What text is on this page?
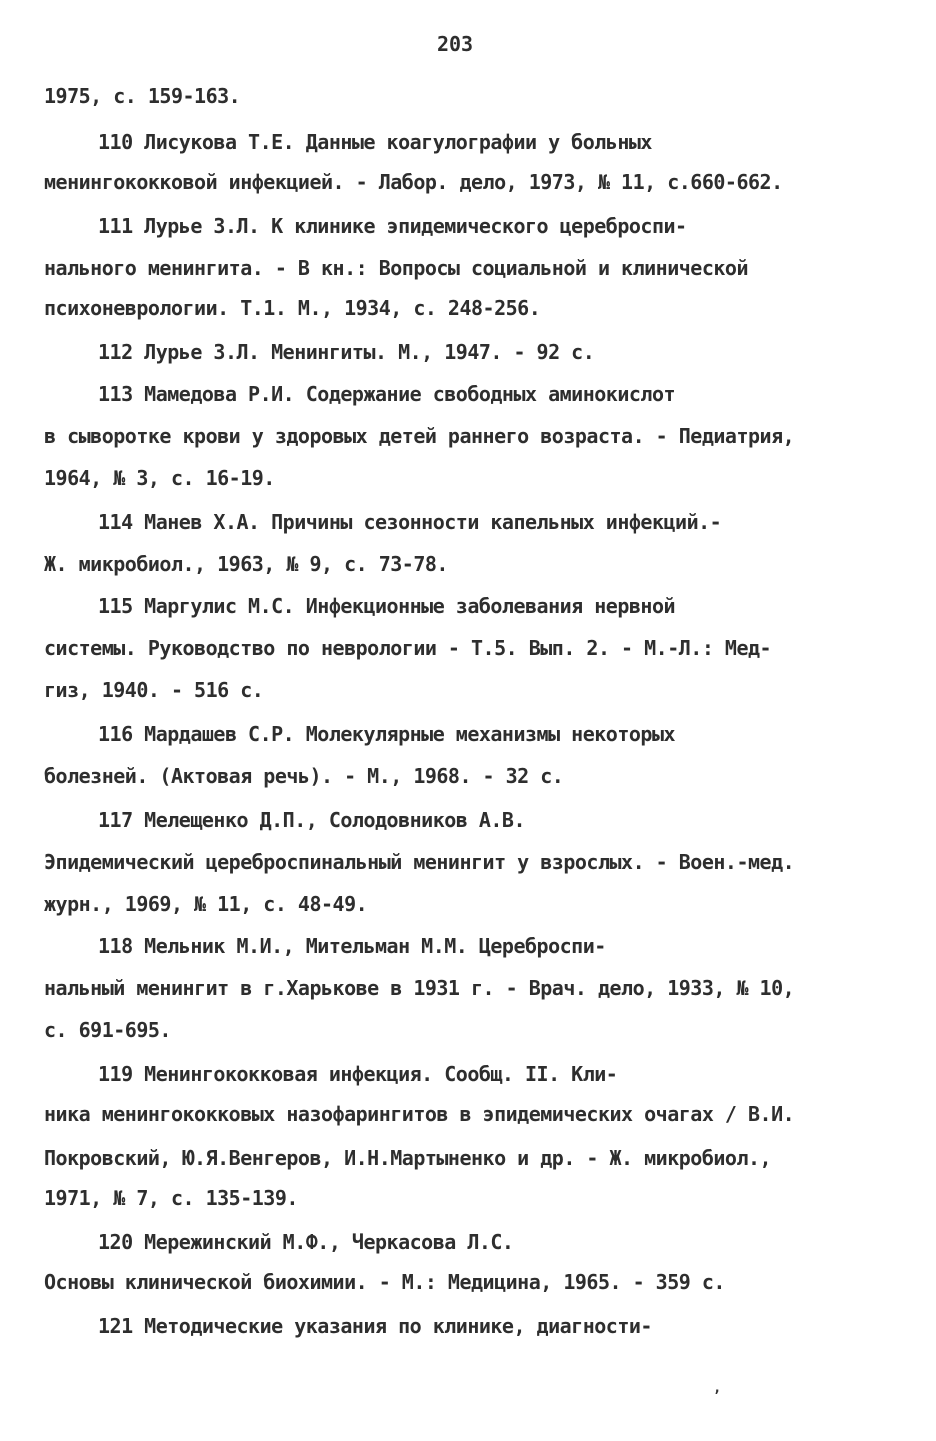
203
1975, с. 159-163.
110 Лисукова Т.Е. Данные коагулографии у больных
менингококковой инфекцией. - Лабор. дело, 1973, № 11, с.660-662.
111 Лурье З.Л. К клинике эпидемического цереброспи-
нального менингита. - В кн.: Вопросы социальной и клинической
психоневрологии. Т.1. М., 1934, с. 248-256.
112 Лурье З.Л. Менингиты. М., 1947. - 92 с.
113 Мамедова Р.И. Содержание свободных аминокислот
в сыворотке крови у здоровых детей раннего возраста. - Педиатрия,
1964, № 3, с. 16-19.
114 Манев Х.А. Причины сезонности капельных инфекций.-
Ж. микробиол., 1963, № 9, с. 73-78.
115 Маргулис М.С. Инфекционные заболевания нервной
системы. Руководство по неврологии - Т.5. Вып. 2. - М.-Л.: Мед-
гиз, 1940. - 516 с.
116 Мардашев С.Р. Молекулярные механизмы некоторых
болезней. (Актовая речь). - М., 1968. - 32 с.
117 Мелещенко Д.П., Солодовников А.В.
Эпидемический цереброспинальный менингит у взрослых. - Воен.-мед.
журн., 1969, № 11, с. 48-49.
118 Мельник М.И., Мительман М.М. Цереброспи-
нальный менингит в г.Харькове в 1931 г. - Врач. дело, 1933, № 10,
с. 691-695.
119 Менингококковая инфекция. Сообщ. II. Кли-
ника менингококковых назофарингитов в эпидемических очагах / В.И.
Покровский, Ю.Я.Венгеров, И.Н.Мартыненко и др. - Ж. микробиол.,
1971, № 7, с. 135-139.
120 Мережинский М.Ф., Черкасова Л.С.
Основы клинической биохимии. - М.: Медицина, 1965. - 359 с.
121 Методические указания по клинике, диагности-
,
